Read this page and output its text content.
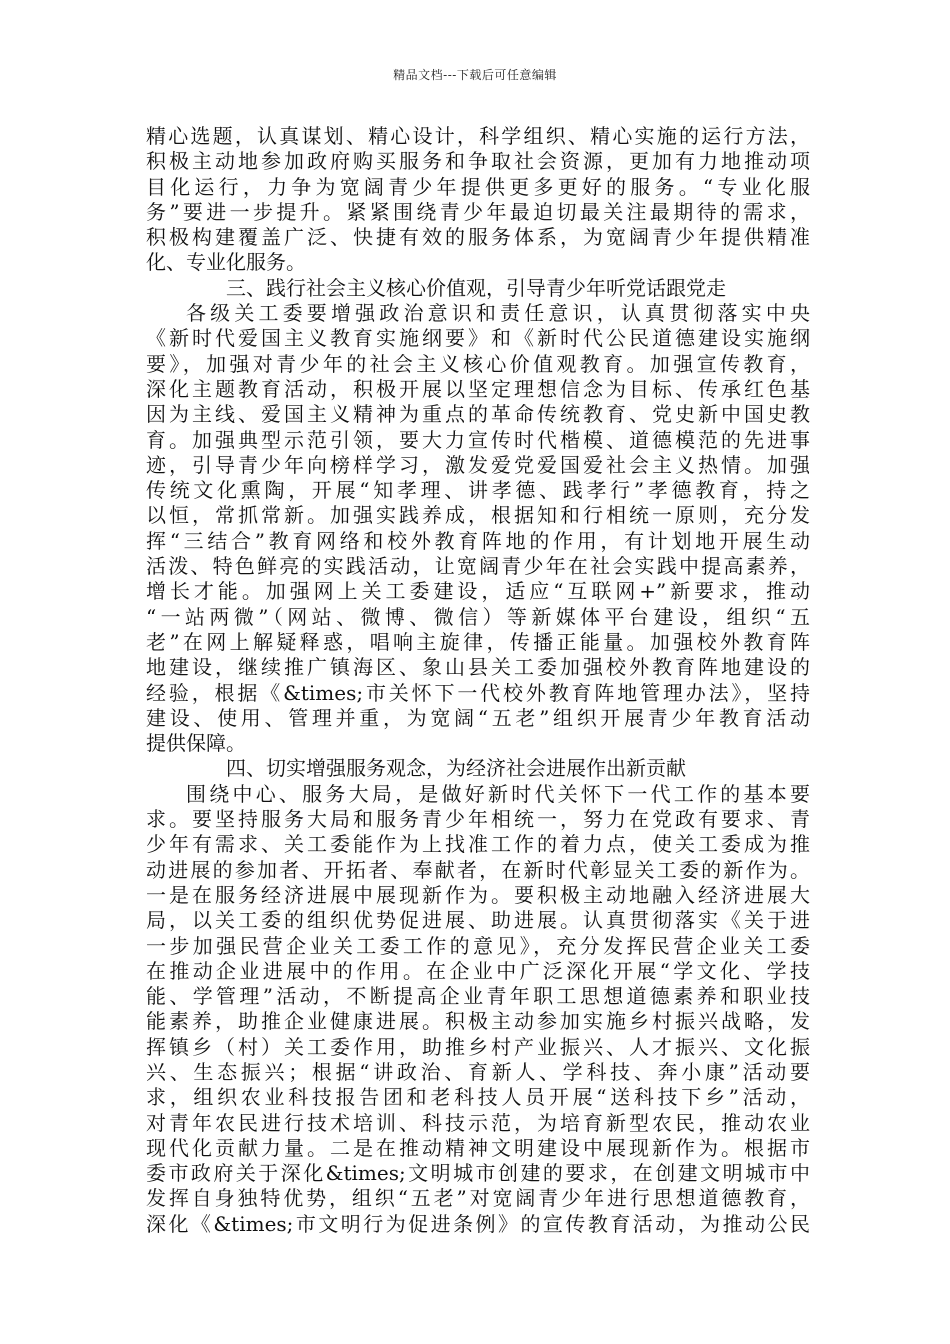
精品文档---下载后可任意编辑
精心选题，认真谋划、精心设计，科学组织、精心实施的运行方法，
积极主动地参加政府购买服务和争取社会资源，更加有力地推动项
目化运行，力争为宽阔青少年提供更多更好的服务。“专业化服
务”要进一步提升。紧紧围绕青少年最迫切最关注最期待的需求，
积极构建覆盖广泛、快捷有效的服务体系，为宽阔青少年提供精准
化、专业化服务。
三、践行社会主义核心价值观，引导青少年听党话跟党走
各级关工委要增强政治意识和责任意识，认真贯彻落实中央
《新时代爱国主义教育实施纲要》和《新时代公民道德建设实施纲
要》，加强对青少年的社会主义核心价值观教育。加强宣传教育，
深化主题教育活动，积极开展以坚定理想信念为目标、传承红色基
因为主线、爱国主义精神为重点的革命传统教育、党史新中国史教
育。加强典型示范引领，要大力宣传时代楷模、道德模范的先进事
迹，引导青少年向榜样学习，激发爱党爱国爱社会主义热情。加强
传统文化熏陶，开展“知孝理、讲孝德、践孝行”孝德教育，持之
以恒，常抓常新。加强实践养成，根据知和行相统一原则，充分发
挥“三结合”教育网络和校外教育阵地的作用，有计划地开展生动
活泼、特色鲜亮的实践活动，让宽阔青少年在社会实践中提高素养，
增长才能。加强网上关工委建设，适应“互联网+”新要求，推动
“一站两微”（网站、微博、微信）等新媒体平台建设，组织“五
老”在网上解疑释惑，唱响主旋律，传播正能量。加强校外教育阵
地建设，继续推广镇海区、象山县关工委加强校外教育阵地建设的
经验，根据《&times;市关怀下一代校外教育阵地管理办法》，坚持
建设、使用、管理并重，为宽阔“五老”组织开展青少年教育活动
提供保障。
四、切实增强服务观念，为经济社会进展作出新贡献
围绕中心、服务大局，是做好新时代关怀下一代工作的基本要
求。要坚持服务大局和服务青少年相统一，努力在党政有要求、青
少年有需求、关工委能作为上找准工作的着力点，使关工委成为推
动进展的参加者、开拓者、奉献者，在新时代彰显关工委的新作为。
一是在服务经济进展中展现新作为。要积极主动地融入经济进展大
局，以关工委的组织优势促进展、助进展。认真贯彻落实《关于进
一步加强民营企业关工委工作的意见》，充分发挥民营企业关工委
在推动企业进展中的作用。在企业中广泛深化开展“学文化、学技
能、学管理”活动，不断提高企业青年职工思想道德素养和职业技
能素养，助推企业健康进展。积极主动参加实施乡村振兴战略，发
挥镇乡（村）关工委作用，助推乡村产业振兴、人才振兴、文化振
兴、生态振兴；根据“讲政治、育新人、学科技、奔小康”活动要
求，组织农业科技报告团和老科技人员开展“送科技下乡”活动，
对青年农民进行技术培训、科技示范，为培育新型农民，推动农业
现代化贡献力量。二是在推动精神文明建设中展现新作为。根据市
委市政府关于深化&times;文明城市创建的要求，在创建文明城市中
发挥自身独特优势，组织“五老”对宽阔青少年进行思想道德教育，
深化《&times;市文明行为促进条例》的宣传教育活动，为推动公民
